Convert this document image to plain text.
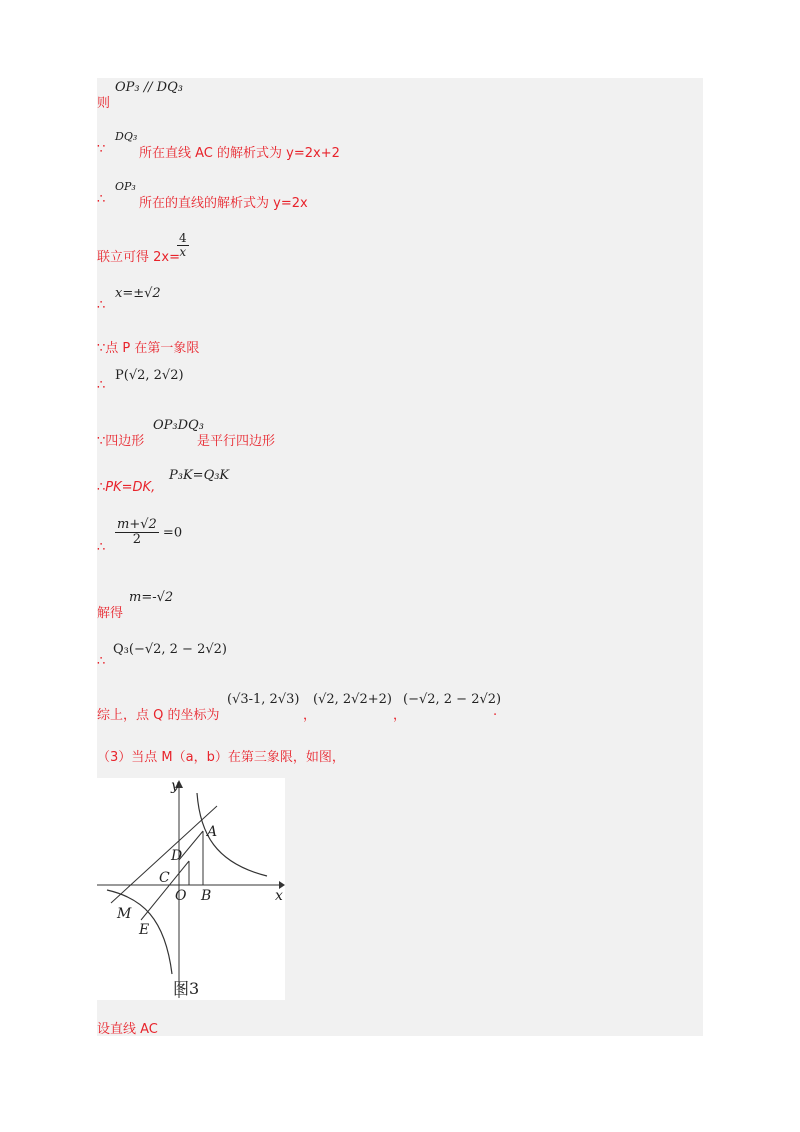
则
OP₃ // DQ₃
∵
DQ₃
所在直线 AC 的解析式为 y=2x+2
∴
OP₃
所在的直线的解析式为 y=2x
联立可得 2x=
$\frac{4}{x}$
∴
x=±√2
∵点 P 在第一象限
∴
P(√2, 2√2)
∵四边形
OP₃DQ₃
是平行四边形
∴PK=DK,
P₃K=Q₃K
∴ $\frac{m+√2}{2} =0$
解得
m=-√2
∴
Q₃(−√2, 2 − 2√2)
综上，点 Q 的坐标为
(√3-1, 2√3)
，
(√2, 2√2+2)
，
(−√2, 2 − 2√2)
.
（3）当点 M（a，b）在第三象限，如图，
y
x
A
D
C
O B
M
E
图3
设直线 AC
